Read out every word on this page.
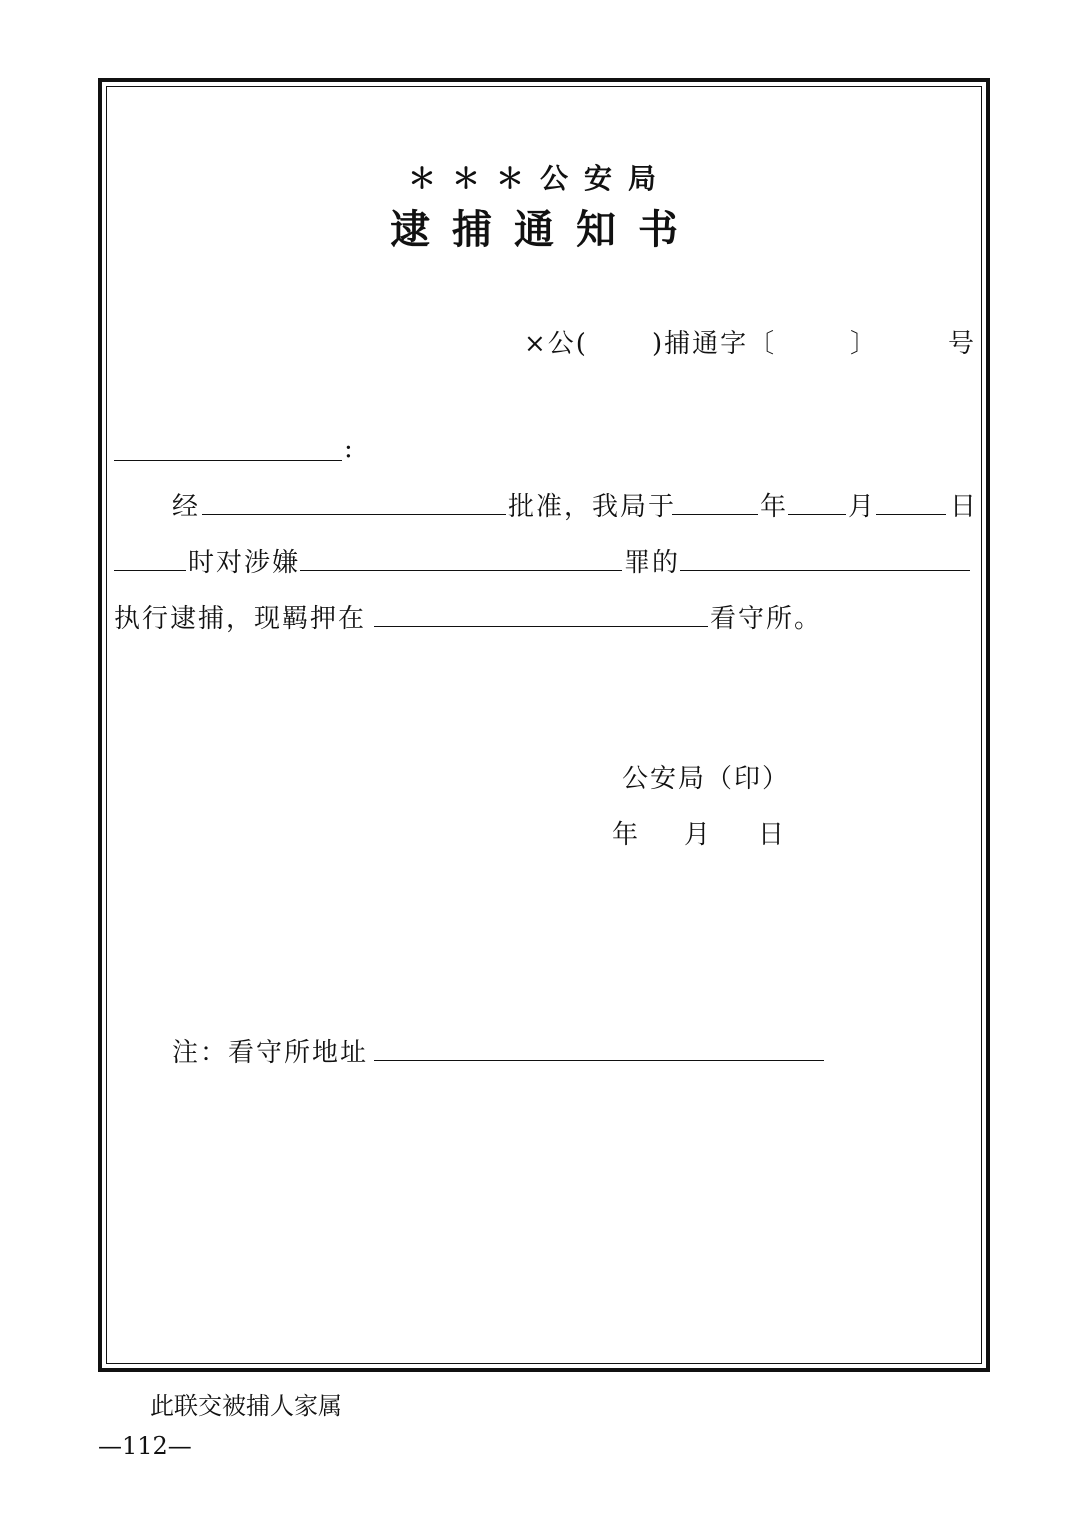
＊＊＊公安局
逮捕通知书
×公( )捕通字〔	〕	号
:
经	批准，我局于	年 月	日
时对涉嫌	罪的
执行逮捕，现羁押在	看守所。
公安局（印）
年 月 日
注：看守所地址
此联交被捕人家属
—112—
